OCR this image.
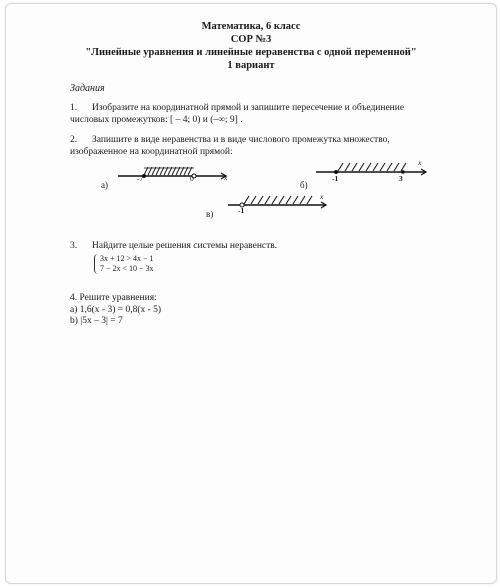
Математика, 6 класс
СОР №3
"Линейные уравнения и линейные неравенства с одной переменной"
1 вариант
Задания
1. Изобразите на координатной прямой и запишите пересечение и объединение
числовых промежутков: [ – 4; 0) и (–∞; 9] .
2. Запишите в виде неравенства и в виде числового промежутка множество,
изображенное на координатной прямой:
а)
-7	0	x
б)
-1	3
x
в)	-1
x
3. Найдите целые решения системы неравенств.
3x + 12 > 4x − 1
7 − 2x < 10 − 3x
4. Решите уравнения:
a) 1,6(x - 3) = 0,8(x - 5)
b) |5x – 3| = 7
